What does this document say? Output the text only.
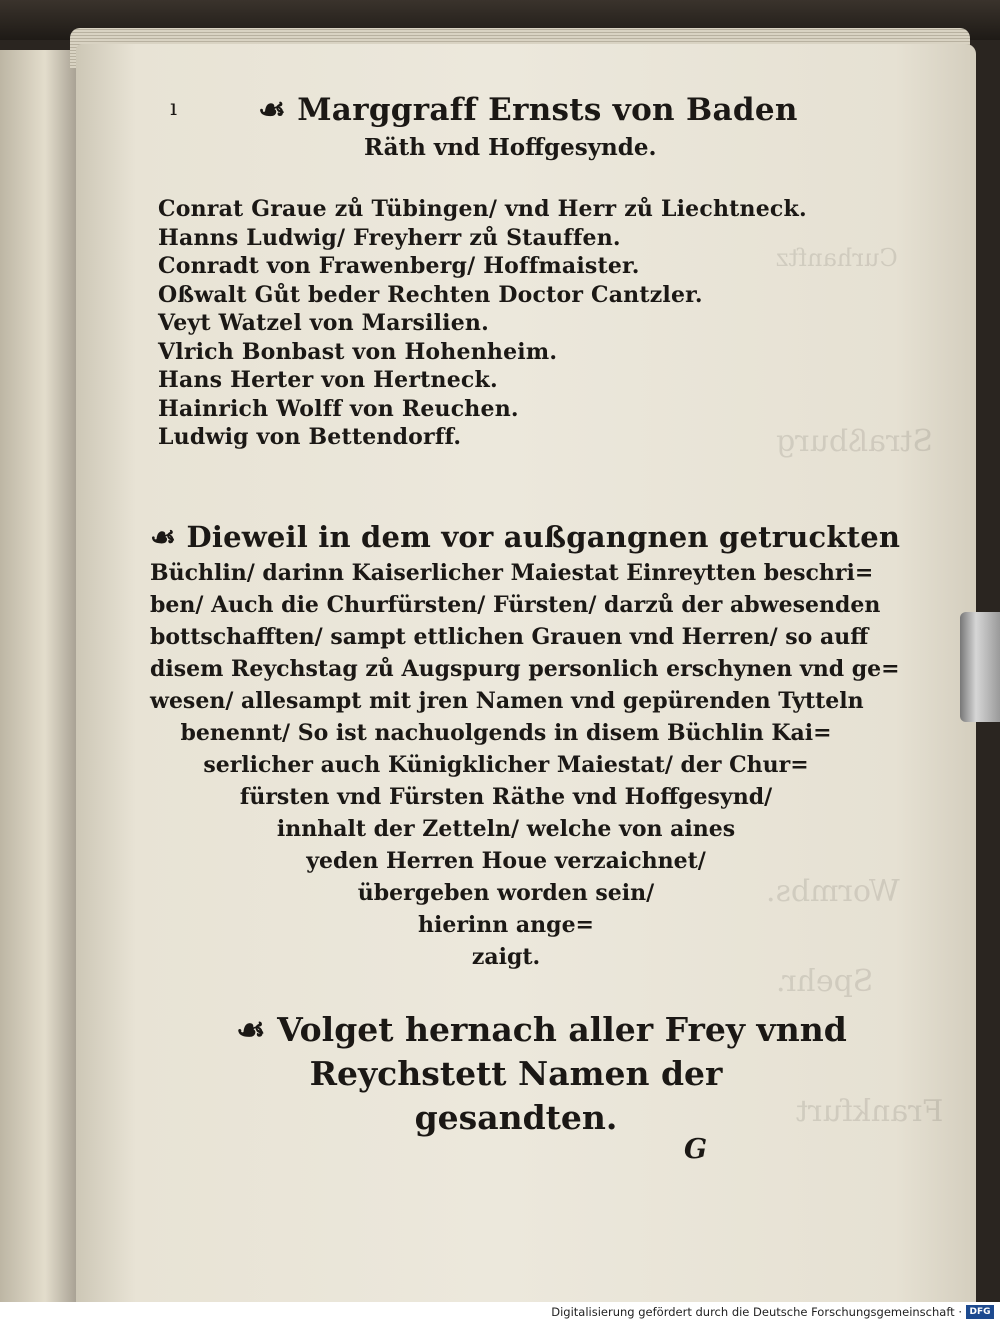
Curhanftz
Straßburg
Wormbs.
Spehr.
Frankfurt
ı	☙ Marggraff Ernsts von Baden
Räth vnd Hoffgesynde.
Conrat Graue zů Tübingen/ vnd Herr zů Liechtneck.
Hanns Ludwig/ Freyherr zů Stauffen.
Conradt von Frawenberg/ Hoffmaister.
Oßwalt Gůt beder Rechten Doctor Cantzler.
Veyt Watzel von Marsilien.
Vlrich Bonbast von Hohenheim.
Hans Herter von Hertneck.
Hainrich Wolff von Reuchen.
Ludwig von Bettendorff.
☙ Dieweil in dem vor außgangnen getruckten
Büchlin/ darinn Kaiserlicher Maiestat Einreytten beschri=
ben/ Auch die Churfürsten/ Fürsten/ darzů der abwesenden
bottschafften/ sampt ettlichen Grauen vnd Herren/ so auff
disem Reychstag zů Augspurg personlich erschynen vnd ge=
wesen/ allesampt mit jren Namen vnd gepürenden Tytteln
benennt/ So ist nachuolgends in disem Büchlin Kai=
serlicher auch Künigklicher Maiestat/ der Chur=
fürsten vnd Fürsten Räthe vnd Hoffgesynd/
innhalt der Zetteln/ welche von aines
yeden Herren Houe verzaichnet/
übergeben worden sein/
hierinn ange=
zaigt.
☙ Volget hernach aller Frey vnnd
Reychstett Namen der
gesandten.
G
Digitalisierung gefördert durch die Deutsche Forschungsgemeinschaft · DFG
